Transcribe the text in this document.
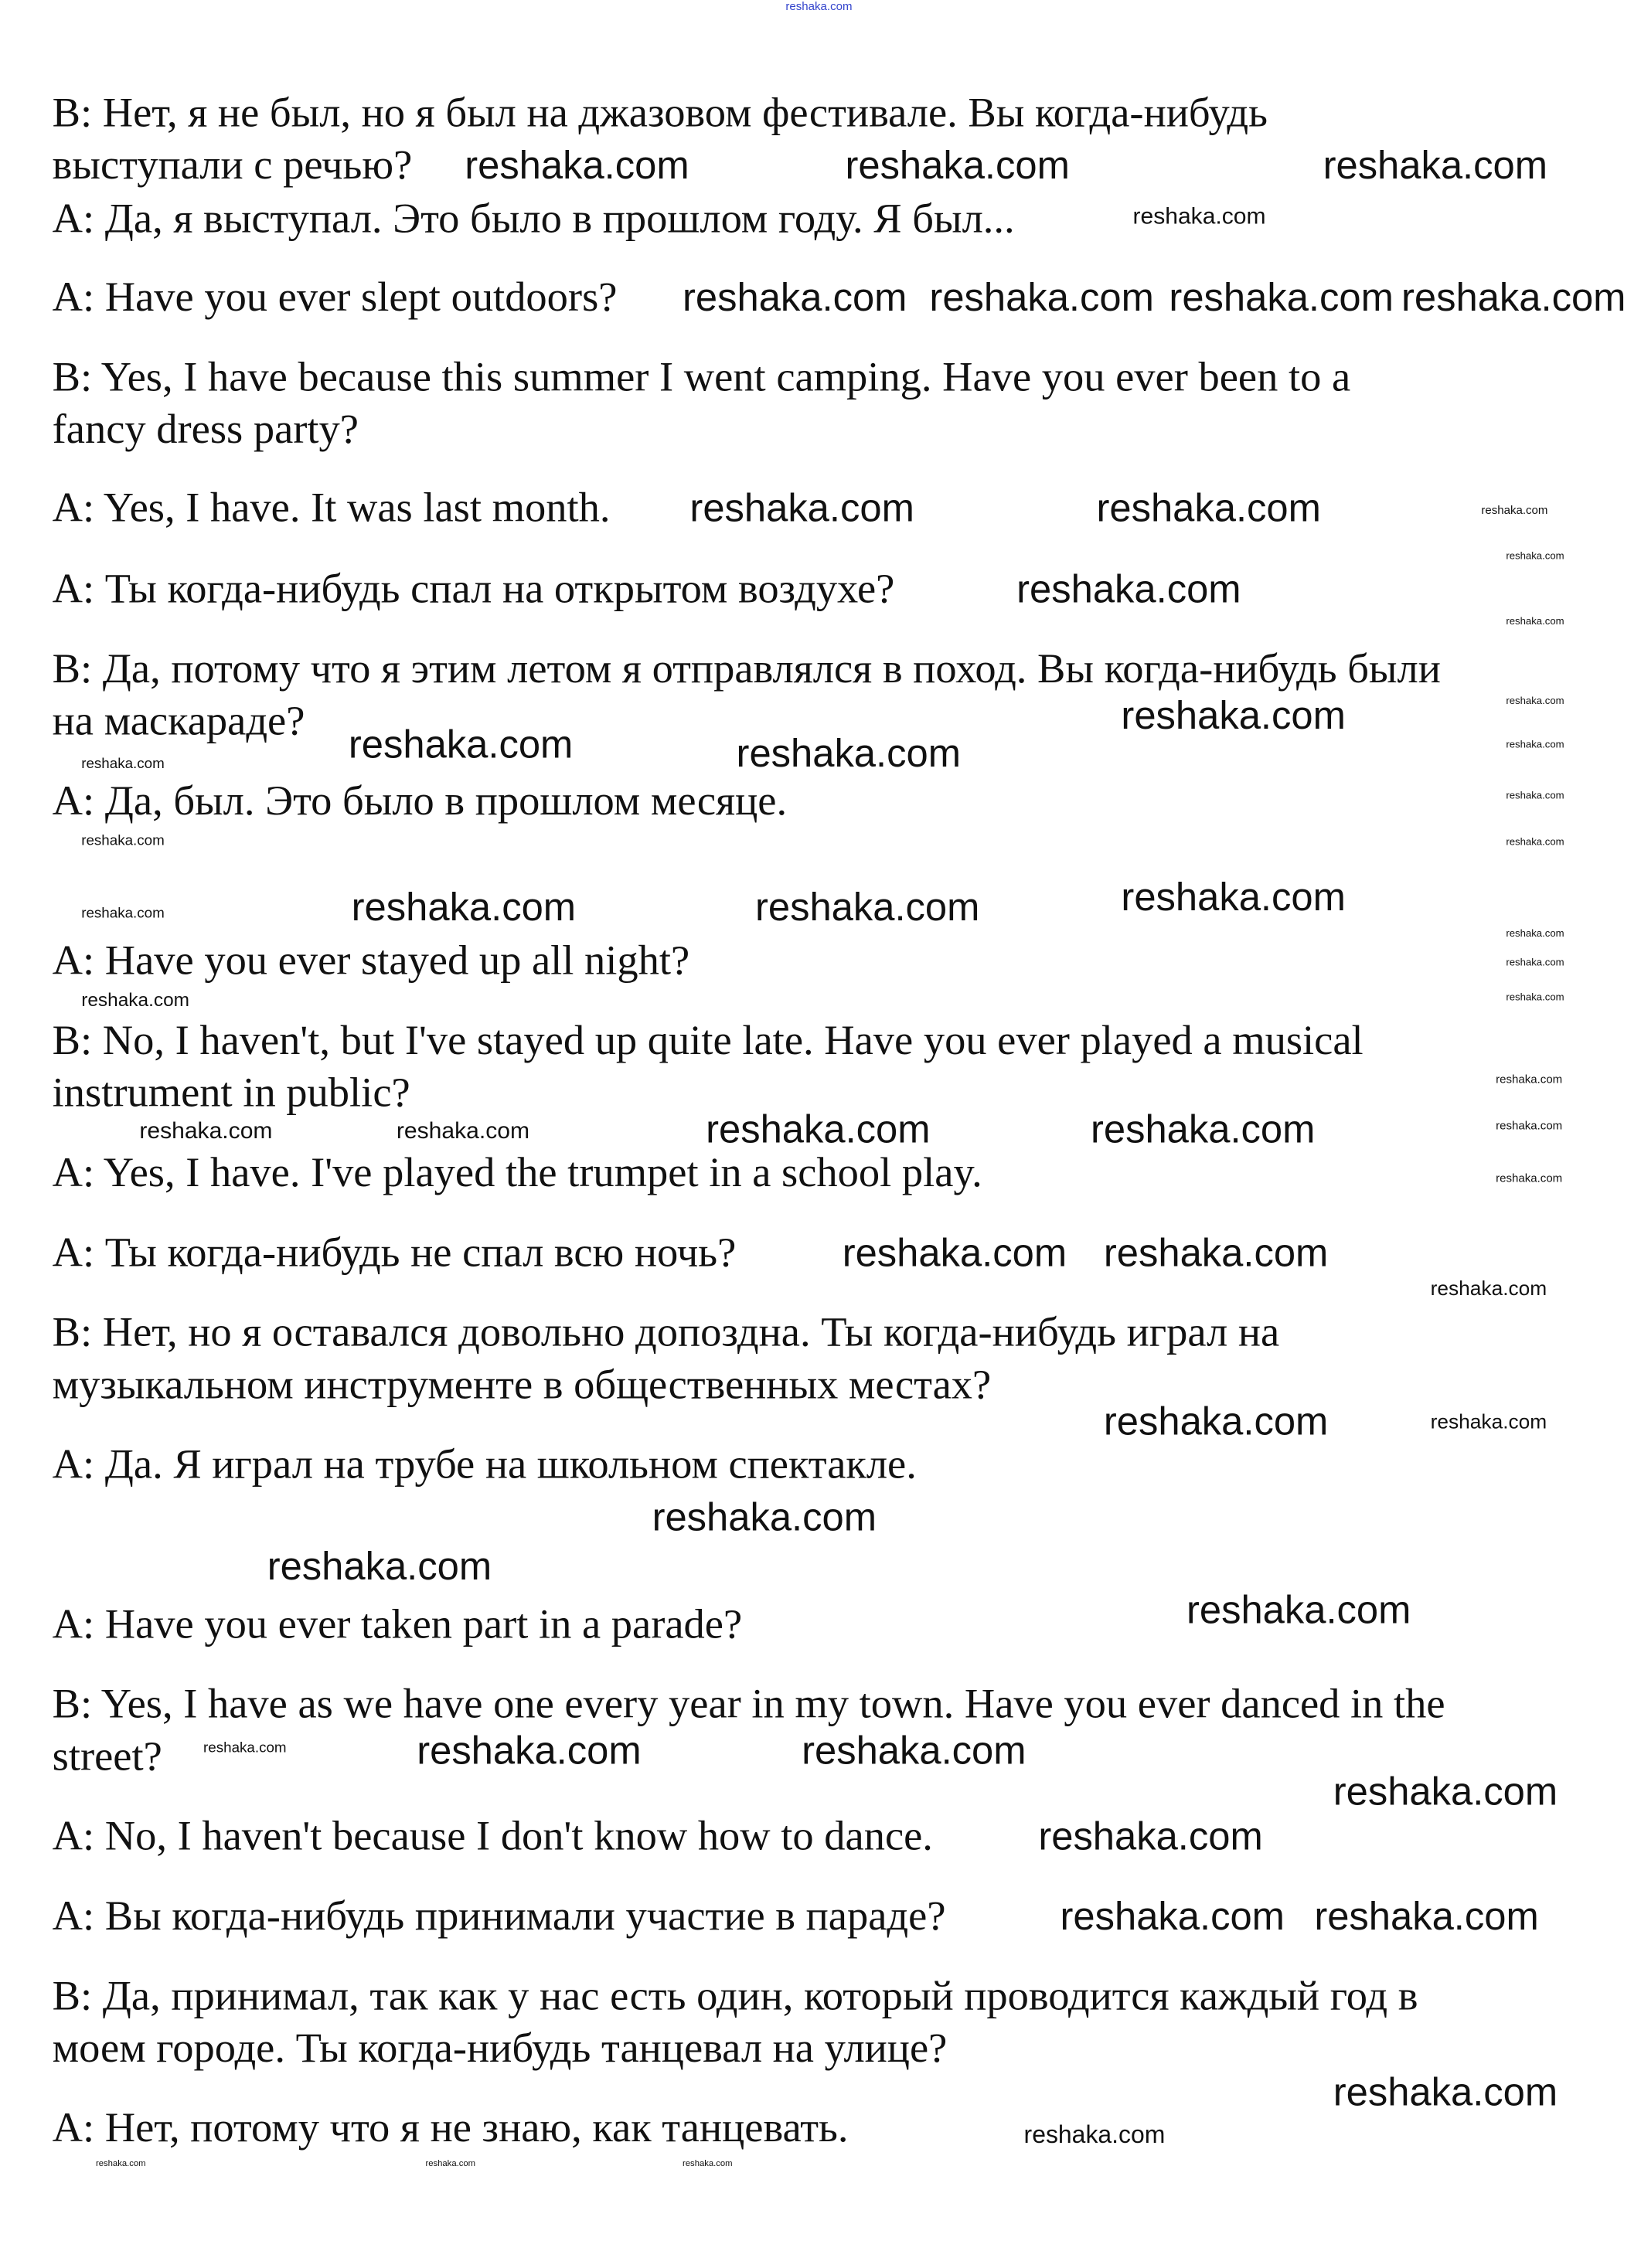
reshaka.com
B: Нет, я не был, но я был на джазовом фестивале. Вы когда-нибудь
выступали с речью?
A: Да, я выступал. Это было в прошлом году. Я был...
A: Have you ever slept outdoors?
B: Yes, I have because this summer I went camping. Have you ever been to a
fancy dress party?
A: Yes, I have. It was last month.
A: Ты когда-нибудь спал на открытом воздухе?
B: Да, потому что я этим летом я отправлялся в поход. Вы когда-нибудь были
на маскараде?
A: Да, был. Это было в прошлом месяце.
A: Have you ever stayed up all night?
B: No, I haven't, but I've stayed up quite late. Have you ever played a musical
instrument in public?
A: Yes, I have. I've played the trumpet in a school play.
A: Ты когда-нибудь не спал всю ночь?
B: Нет, но я оставался довольно допоздна. Ты когда-нибудь играл на
музыкальном инструменте в общественных местах?
A: Да. Я играл на трубе на школьном спектакле.
A: Have you ever taken part in a parade?
B: Yes, I have as we have one every year in my town. Have you ever danced in the
street?
A: No, I haven't because I don't know how to dance.
A: Вы когда-нибудь принимали участие в параде?
B: Да, принимал, так как у нас есть один, который проводится каждый год в
моем городе. Ты когда-нибудь танцевал на улице?
A: Нет, потому что я не знаю, как танцевать.
reshaka.com	reshaka.com
reshaka.com
reshaka.com reshaka.com reshaka.com reshaka.com
reshaka.com
reshaka.com
reshaka.com
reshaka.com
reshaka.com	reshaka.com
reshaka.com
reshaka.com	reshaka.com
reshaka.com	reshaka.com
reshaka.com reshaka.com
reshaka.com
reshaka.com
reshaka.com
reshaka.com
reshaka.com	reshaka.com
reshaka.com
reshaka.com reshaka.com
reshaka.com
reshaka.com
reshaka.com
reshaka.com	reshaka.com
reshaka.com
reshaka.com
reshaka.com
reshaka.com
reshaka.com
reshaka.com
reshaka.com
reshaka.com
reshaka.com
reshaka.com
reshaka.com
reshaka.com
reshaka.com
reshaka.com
reshaka.com
reshaka.com
reshaka.com
reshaka.com
reshaka.com
reshaka.com
reshaka.com
reshaka.com	reshaka.com	reshaka.com
